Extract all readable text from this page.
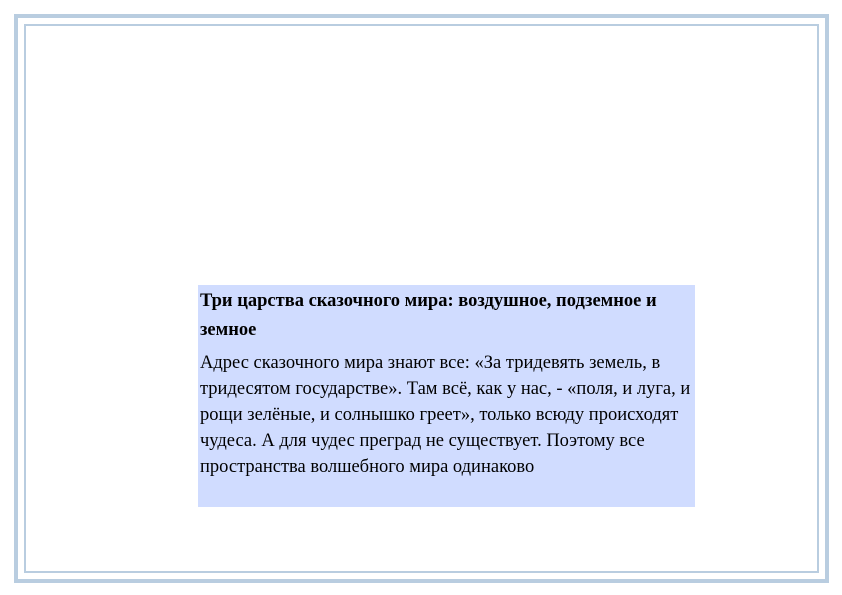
Три царства сказочного мира: воздушное, подземное и земное

Адрес сказочного мира знают все: «За тридевять земель, в тридесятом государстве». Там всё, как у нас, - «поля, и луга, и рощи зелёные, и солнышко греет», только всюду происходят чудеса. А для чудес преград не существует. Поэтому все пространства волшебного мира одинаково
